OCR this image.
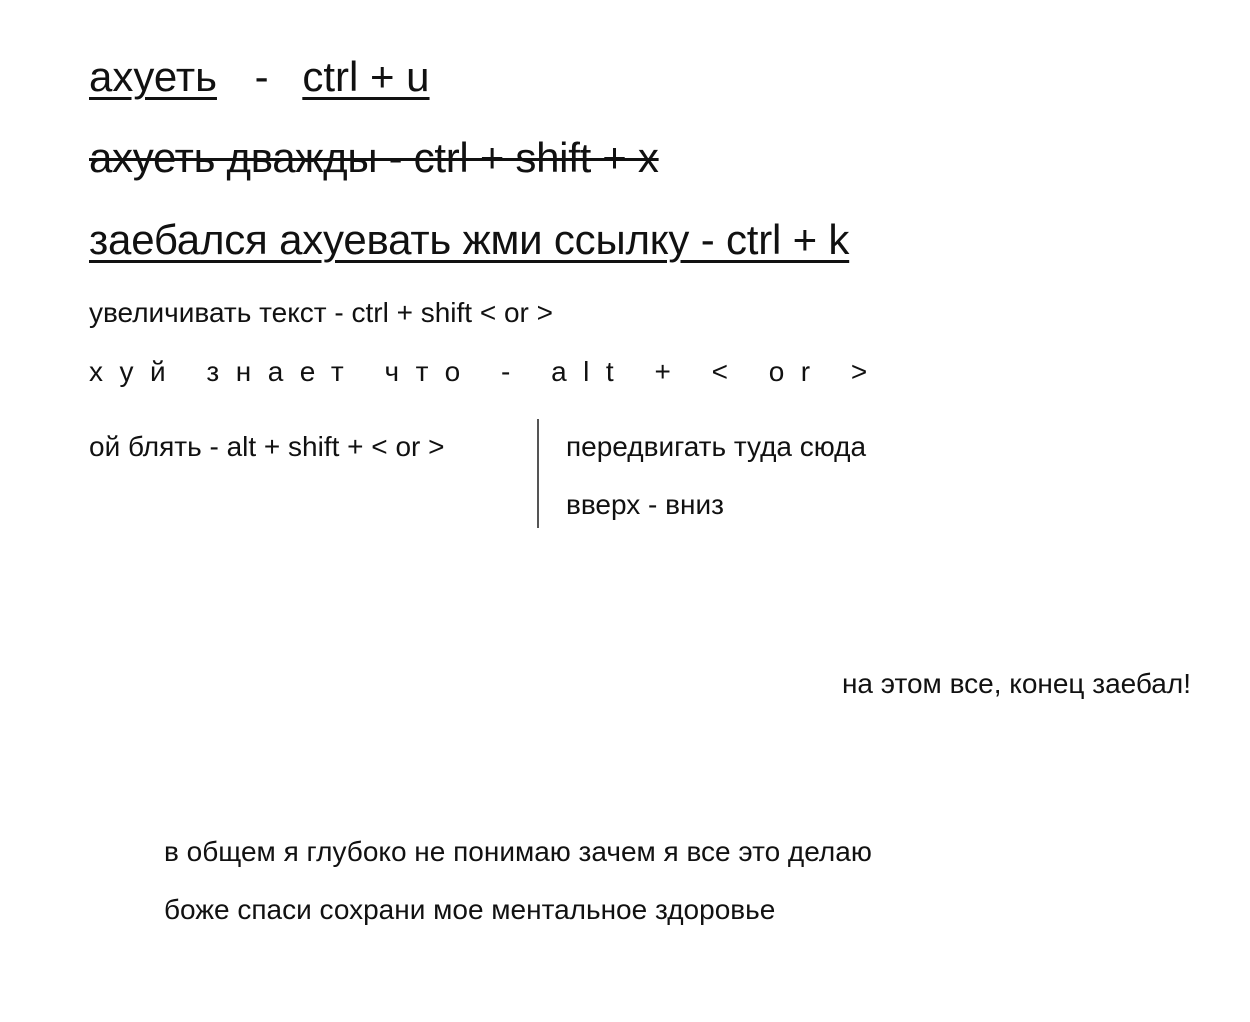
ахуеть - ctrl + u
ахуеть дважды - ctrl + shift + x
заебался ахуевать жми ссылку - ctrl + k
увеличивать текст - ctrl + shift < or >
хуй знает что - alt + < or >
ой блять - alt + shift + < or >	передвигать туда сюда
вверх - вниз
на этом все, конец заебал!
в общем я глубоко не понимаю зачем я все это делаю
боже спаси сохрани мое ментальное здоровье
